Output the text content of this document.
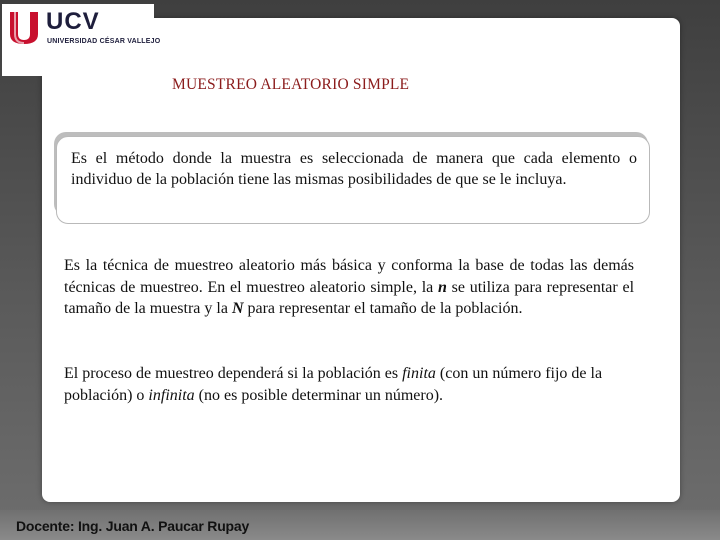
UCV
UNIVERSIDAD CÉSAR VALLEJO
MUESTREO ALEATORIO SIMPLE
Es el método donde la muestra es seleccionada de manera que cada elemento o individuo de la población tiene las mismas posibilidades de que se le incluya.
Es la técnica de muestreo aleatorio más básica y conforma la base de todas las demás técnicas de muestreo. En el muestreo aleatorio simple, la n se utiliza para representar el tamaño de la muestra y la N para representar el tamaño de la población.
El proceso de muestreo dependerá si la población es finita (con un número fijo de la población) o infinita (no es posible determinar un número).
Docente: Ing. Juan A. Paucar Rupay
